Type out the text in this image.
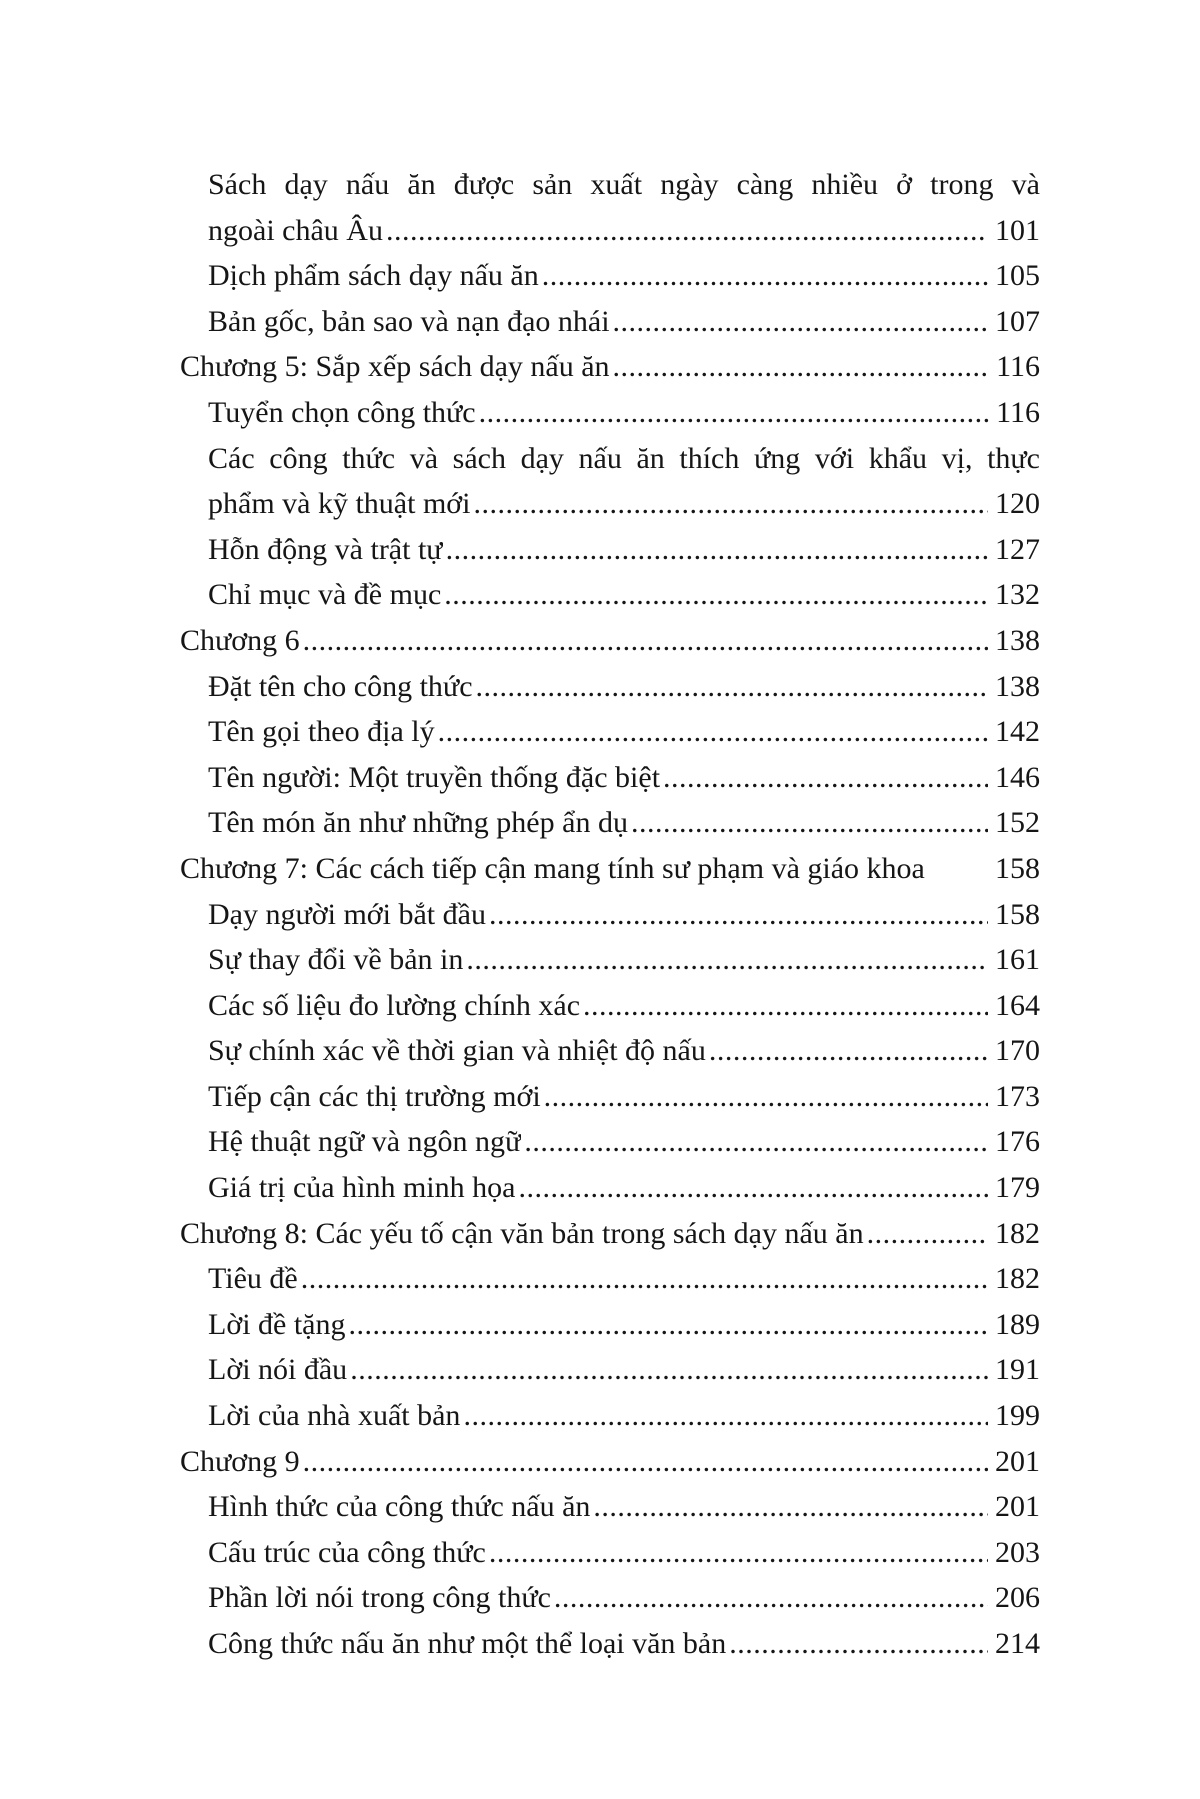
Sách dạy nấu ăn được sản xuất ngày càng nhiều ở trong và
ngoài châu Âu .....	101
Dịch phẩm sách dạy nấu ăn .....	105
Bản gốc, bản sao và nạn đạo nhái .....	107
Chương 5: Sắp xếp sách dạy nấu ăn .....	116
Tuyển chọn công thức .....	116
Các công thức và sách dạy nấu ăn thích ứng với khẩu vị, thực
phẩm và kỹ thuật mới .....	120
Hỗn động và trật tự .....	127
Chỉ mục và đề mục .....	132
Chương 6 .....	138
Đặt tên cho công thức .....	138
Tên gọi theo địa lý .....	142
Tên người: Một truyền thống đặc biệt .....	146
Tên món ăn như những phép ẩn dụ .....	152
Chương 7: Các cách tiếp cận mang tính sư phạm và giáo khoa 158
Dạy người mới bắt đầu .....	158
Sự thay đổi về bản in .....	161
Các số liệu đo lường chính xác .....	164
Sự chính xác về thời gian và nhiệt độ nấu .....	170
Tiếp cận các thị trường mới .....	173
Hệ thuật ngữ và ngôn ngữ .....	176
Giá trị của hình minh họa .....	179
Chương 8: Các yếu tố cận văn bản trong sách dạy nấu ăn .....	182
Tiêu đề .....	182
Lời đề tặng .....	189
Lời nói đầu .....	191
Lời của nhà xuất bản .....	199
Chương 9 .....	201
Hình thức của công thức nấu ăn .....	201
Cấu trúc của công thức .....	203
Phần lời nói trong công thức .....	206
Công thức nấu ăn như một thể loại văn bản .....	214
